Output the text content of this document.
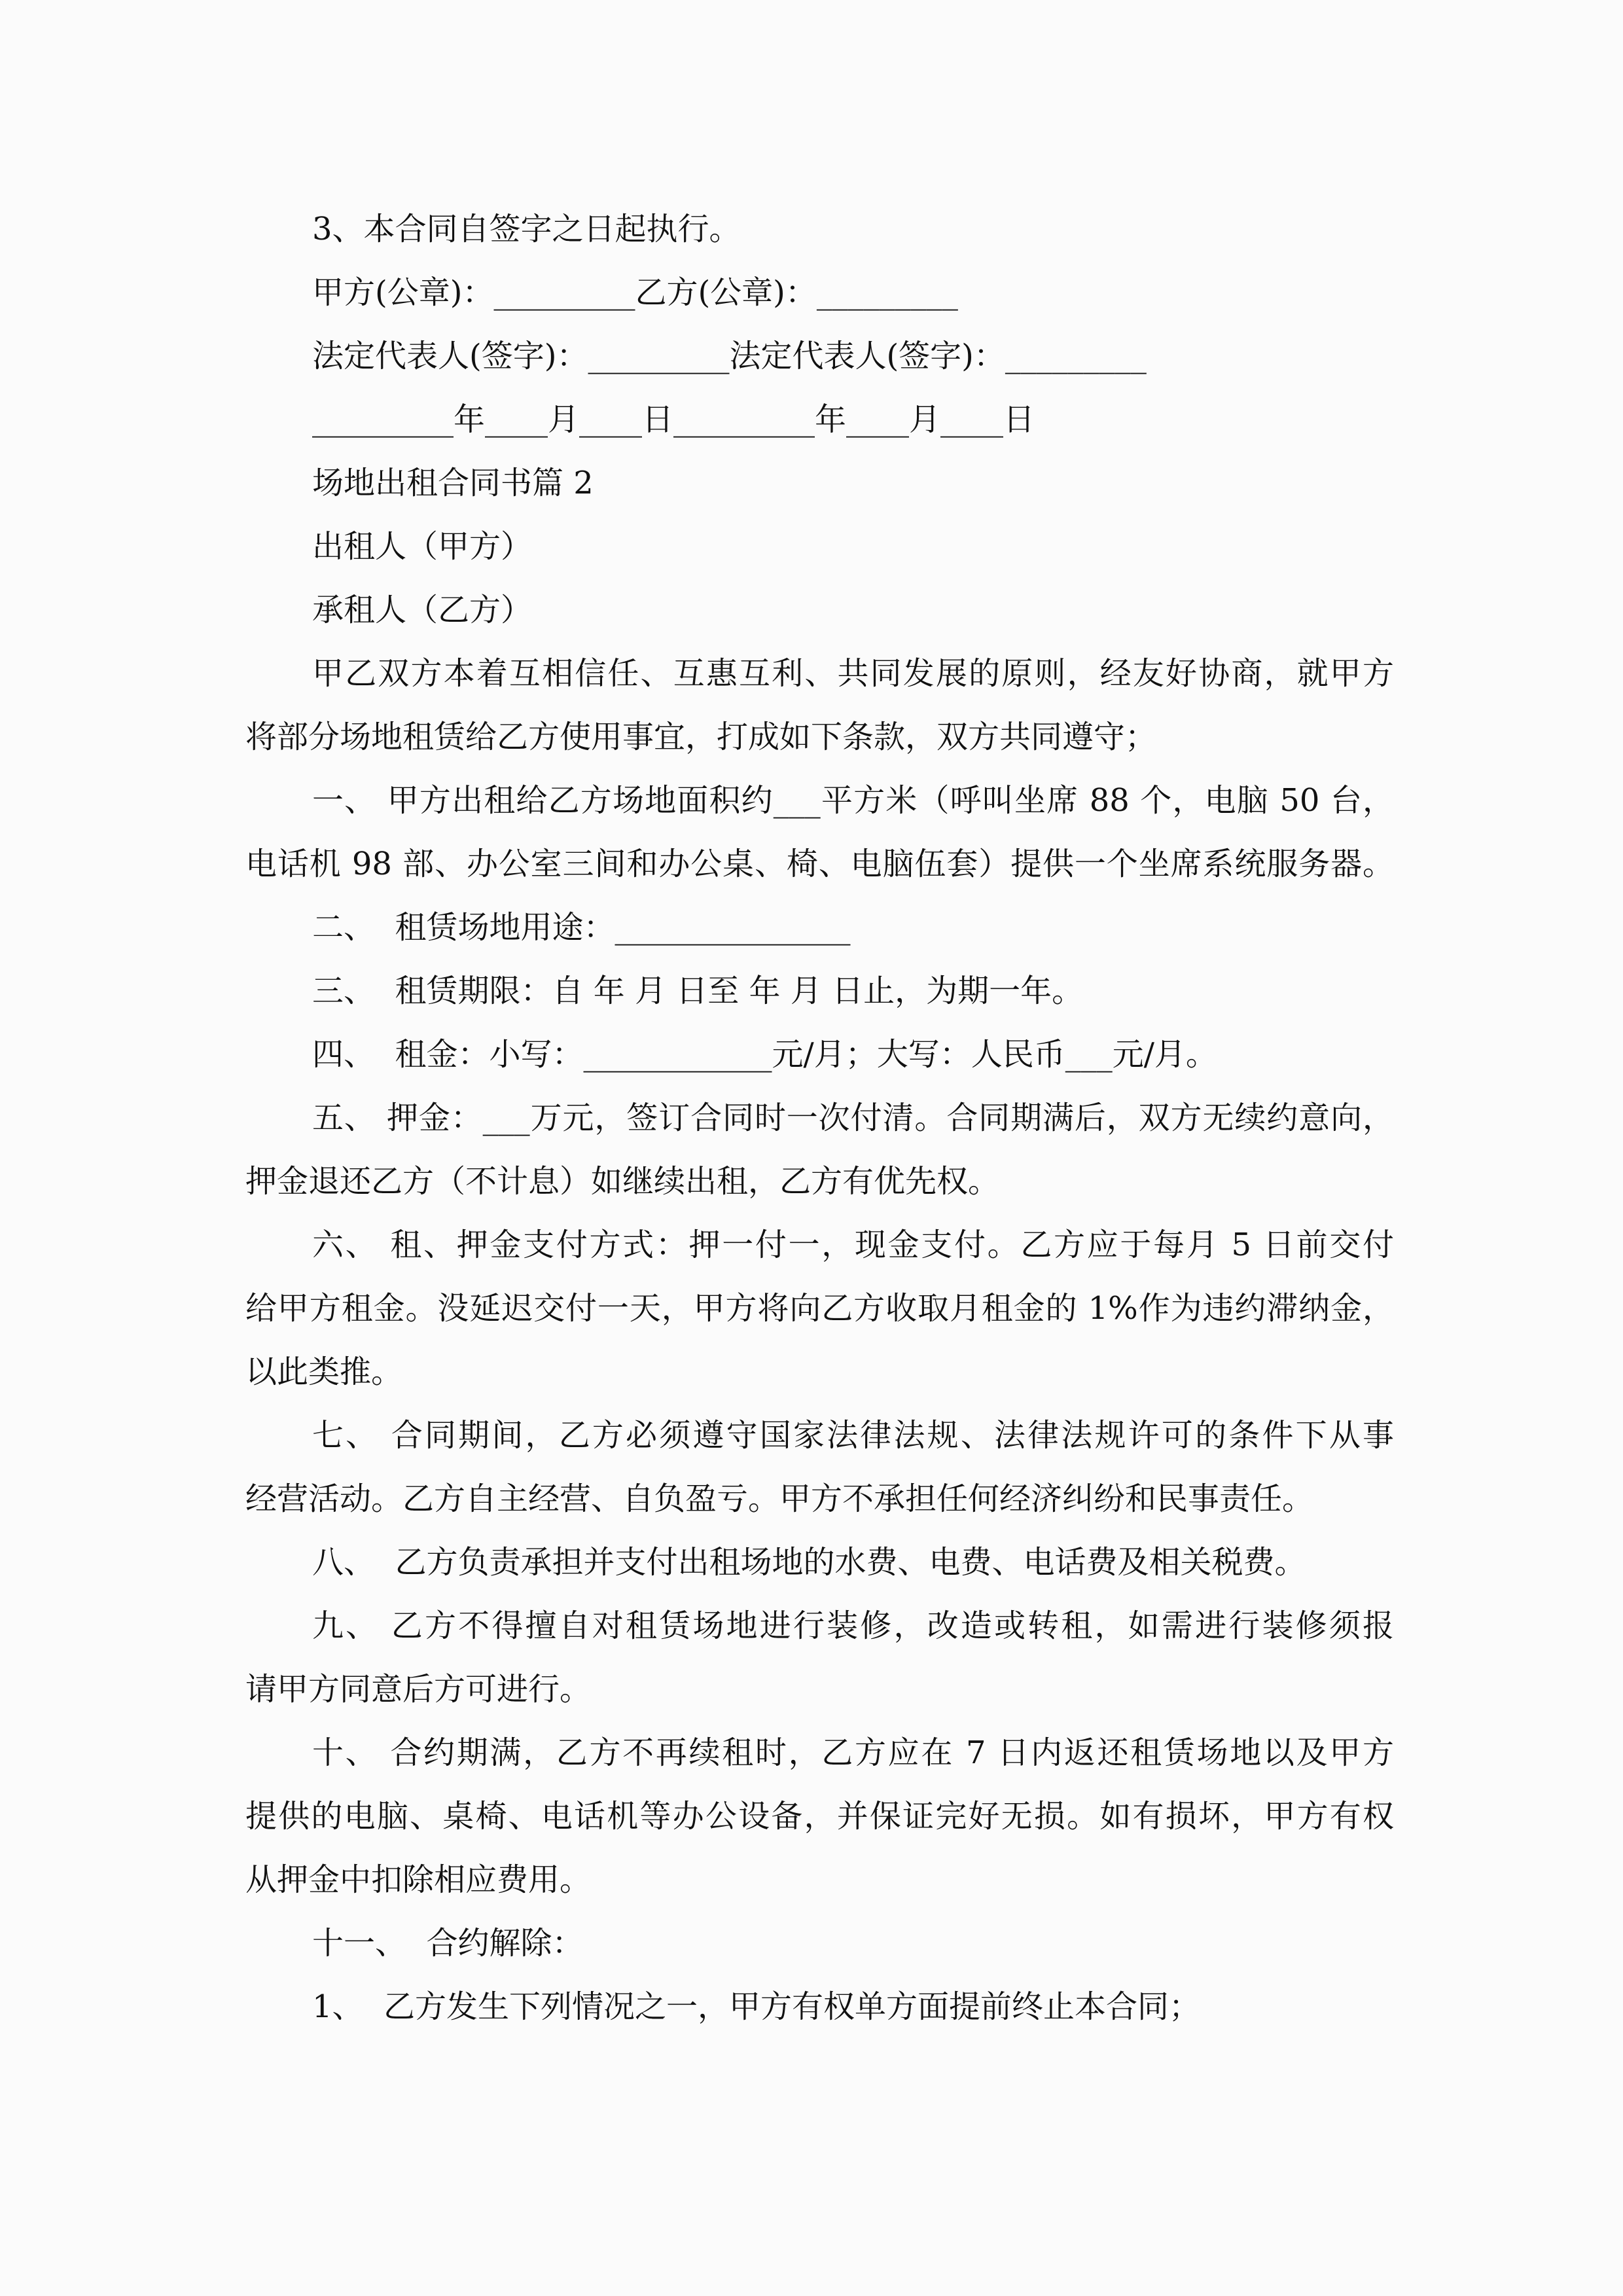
3、本合同自签字之日起执行。
甲方(公章)：_________乙方(公章)：_________
法定代表人(签字)：_________法定代表人(签字)：_________
_________年____月____日_________年____月____日
场地出租合同书篇 2
出租人（甲方）
承租人（乙方）
甲乙双方本着互相信任、互惠互利、共同发展的原则，经友好协商，就甲方
将部分场地租赁给乙方使用事宜，打成如下条款，双方共同遵守；
一、 甲方出租给乙方场地面积约___平方米（呼叫坐席 88 个，电脑 50 台，
电话机 98 部、办公室三间和办公桌、椅、电脑伍套）提供一个坐席系统服务器。
二、  租赁场地用途：_______________
三、  租赁期限：自 年 月 日至 年 月 日止，为期一年。
四、  租金：小写：____________元/月；大写：人民币___元/月。
五、 押金：___万元，签订合同时一次付清。合同期满后，双方无续约意向，
押金退还乙方（不计息）如继续出租，乙方有优先权。
六、 租、押金支付方式：押一付一，现金支付。乙方应于每月 5 日前交付
给甲方租金。没延迟交付一天，甲方将向乙方收取月租金的 1%作为违约滞纳金，
以此类推。
七、 合同期间，乙方必须遵守国家法律法规、法律法规许可的条件下从事
经营活动。乙方自主经营、自负盈亏。甲方不承担任何经济纠纷和民事责任。
八、  乙方负责承担并支付出租场地的水费、电费、电话费及相关税费。
九、 乙方不得擅自对租赁场地进行装修，改造或转租，如需进行装修须报
请甲方同意后方可进行。
十、 合约期满，乙方不再续租时，乙方应在 7 日内返还租赁场地以及甲方
提供的电脑、桌椅、电话机等办公设备，并保证完好无损。如有损坏，甲方有权
从押金中扣除相应费用。
十一、  合约解除：
1、  乙方发生下列情况之一，甲方有权单方面提前终止本合同；
